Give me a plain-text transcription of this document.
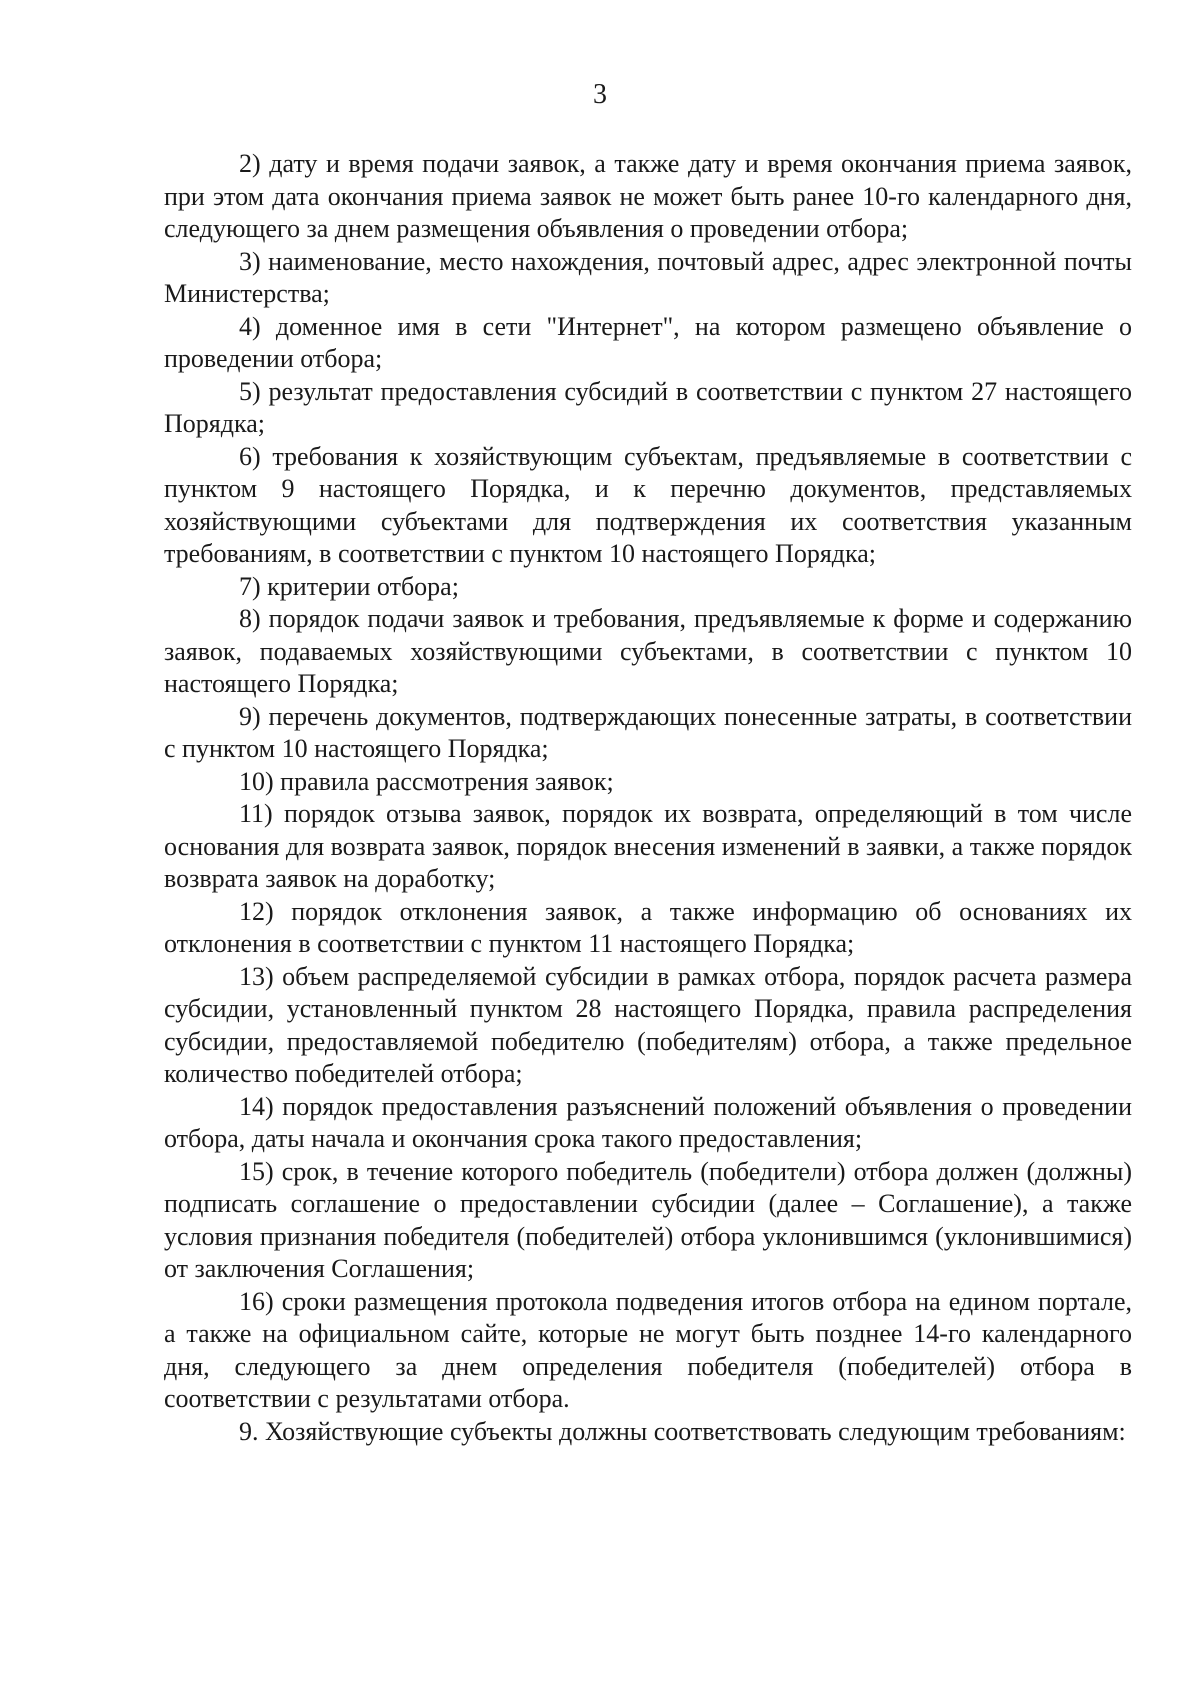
3

2) дату и время подачи заявок, а также дату и время окончания приема заявок, при этом дата окончания приема заявок не может быть ранее 10-го календарного дня, следующего за днем размещения объявления о проведении отбора;

3) наименование, место нахождения, почтовый адрес, адрес электронной почты Министерства;

4) доменное имя в сети "Интернет", на котором размещено объявление о проведении отбора;

5) результат предоставления субсидий в соответствии с пунктом 27 настоящего Порядка;

6) требования к хозяйствующим субъектам, предъявляемые в соответствии с пунктом 9 настоящего Порядка, и к перечню документов, представляемых хозяйствующими субъектами для подтверждения их соответствия указанным требованиям, в соответствии с пунктом 10 настоящего Порядка;

7) критерии отбора;

8) порядок подачи заявок и требования, предъявляемые к форме и содержанию заявок, подаваемых хозяйствующими субъектами, в соответствии с пунктом 10 настоящего Порядка;

9) перечень документов, подтверждающих понесенные затраты, в соответствии с пунктом 10 настоящего Порядка;

10) правила рассмотрения заявок;

11) порядок отзыва заявок, порядок их возврата, определяющий в том числе основания для возврата заявок, порядок внесения изменений в заявки, а также порядок возврата заявок на доработку;

12) порядок отклонения заявок, а также информацию об основаниях их отклонения в соответствии с пунктом 11 настоящего Порядка;

13) объем распределяемой субсидии в рамках отбора, порядок расчета размера субсидии, установленный пунктом 28 настоящего Порядка, правила распределения субсидии, предоставляемой победителю (победителям) отбора, а также предельное количество победителей отбора;

14) порядок предоставления разъяснений положений объявления о проведении отбора, даты начала и окончания срока такого предоставления;

15) срок, в течение которого победитель (победители) отбора должен (должны) подписать соглашение о предоставлении субсидии (далее – Соглашение), а также условия признания победителя (победителей) отбора уклонившимся (уклонившимися) от заключения Соглашения;

16) сроки размещения протокола подведения итогов отбора на едином портале, а также на официальном сайте, которые не могут быть позднее 14-го календарного дня, следующего за днем определения победителя (победителей) отбора в соответствии с результатами отбора.

9. Хозяйствующие субъекты должны соответствовать следующим требованиям:
